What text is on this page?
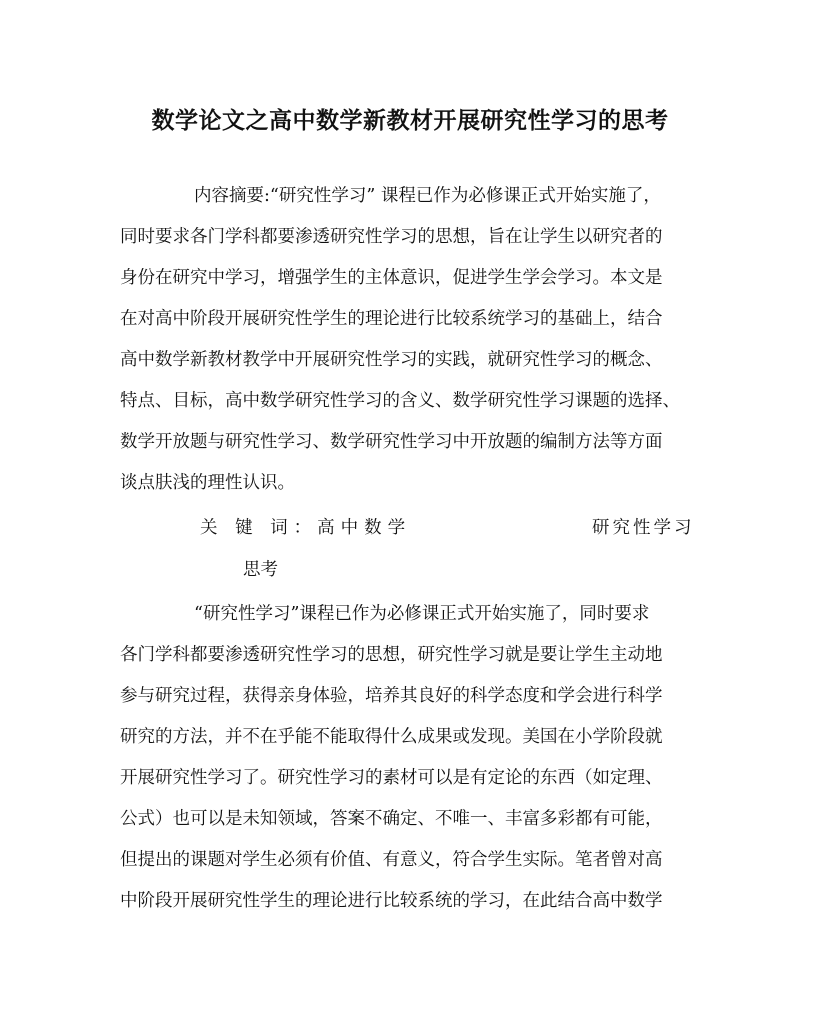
数学论文之高中数学新教材开展研究性学习的思考
内容摘要:“研究性学习” 课程已作为必修课正式开始实施了，
同时要求各门学科都要渗透研究性学习的思想，旨在让学生以研究者的
身份在研究中学习，增强学生的主体意识，促进学生学会学习。本文是
在对高中阶段开展研究性学生的理论进行比较系统学习的基础上，结合
高中数学新教材教学中开展研究性学习的实践，就研究性学习的概念、
特点、目标，高中数学研究性学习的含义、数学研究性学习课题的选择、
数学开放题与研究性学习、数学研究性学习中开放题的编制方法等方面
谈点肤浅的理性认识。
关 键 词：高中数学	研究性学习
思考
“研究性学习”课程已作为必修课正式开始实施了，同时要求
各门学科都要渗透研究性学习的思想，研究性学习就是要让学生主动地
参与研究过程，获得亲身体验，培养其良好的科学态度和学会进行科学
研究的方法，并不在乎能不能取得什么成果或发现。美国在小学阶段就
开展研究性学习了。研究性学习的素材可以是有定论的东西（如定理、
公式）也可以是未知领域，答案不确定、不唯一、丰富多彩都有可能，
但提出的课题对学生必须有价值、有意义，符合学生实际。笔者曾对高
中阶段开展研究性学生的理论进行比较系统的学习，在此结合高中数学
